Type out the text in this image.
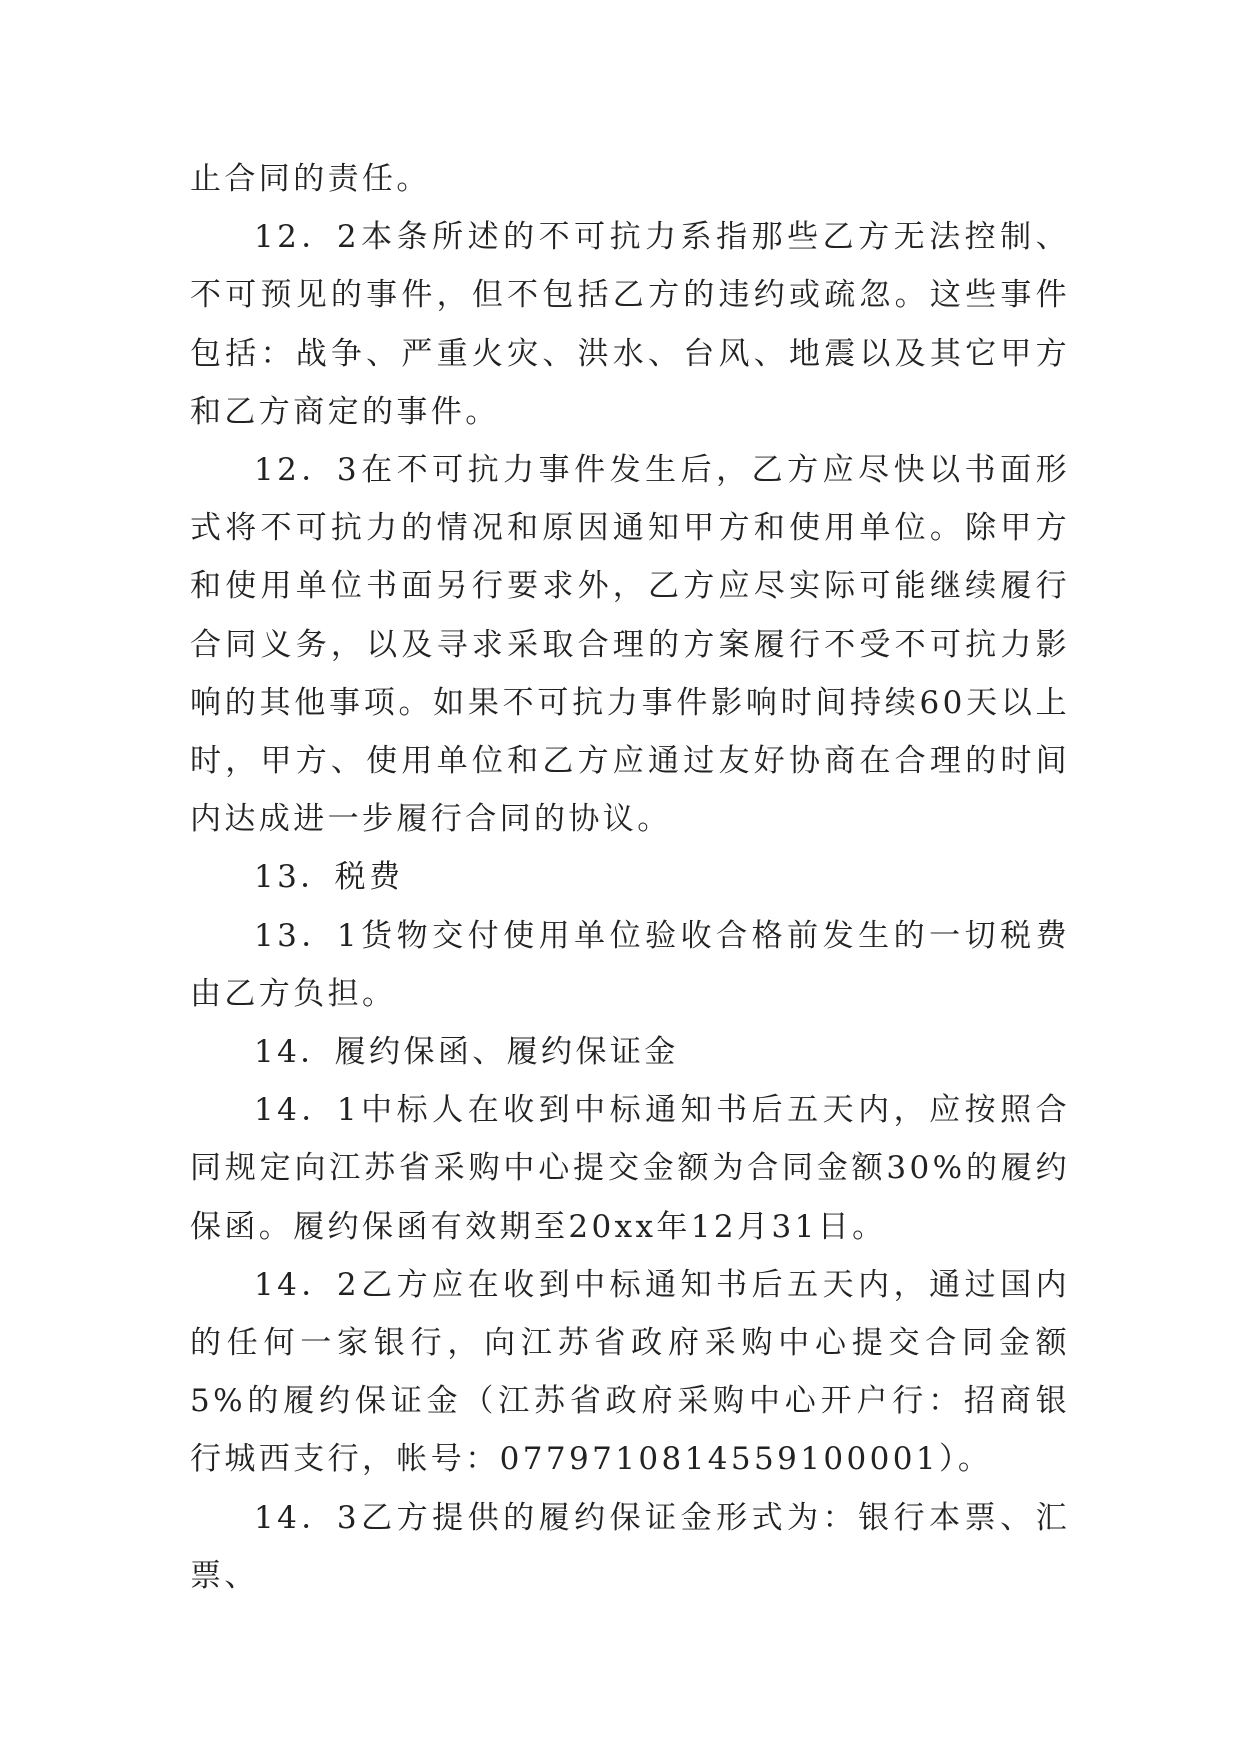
止合同的责任。

12．2本条所述的不可抗力系指那些乙方无法控制、不可预见的事件，但不包括乙方的违约或疏忽。这些事件包括：战争、严重火灾、洪水、台风、地震以及其它甲方和乙方商定的事件。

12．3在不可抗力事件发生后，乙方应尽快以书面形式将不可抗力的情况和原因通知甲方和使用单位。除甲方和使用单位书面另行要求外，乙方应尽实际可能继续履行合同义务，以及寻求采取合理的方案履行不受不可抗力影响的其他事项。如果不可抗力事件影响时间持续60天以上时，甲方、使用单位和乙方应通过友好协商在合理的时间内达成进一步履行合同的协议。

13．税费

13．1货物交付使用单位验收合格前发生的一切税费由乙方负担。

14．履约保函、履约保证金

14．1中标人在收到中标通知书后五天内，应按照合同规定向江苏省采购中心提交金额为合同金额30%的履约保函。履约保函有效期至20xx年12月31日。

14．2乙方应在收到中标通知书后五天内，通过国内的任何一家银行，向江苏省政府采购中心提交合同金额5%的履约保证金（江苏省政府采购中心开户行：招商银行城西支行，帐号：0779710814559100001）。

14．3乙方提供的履约保证金形式为：银行本票、汇票、
